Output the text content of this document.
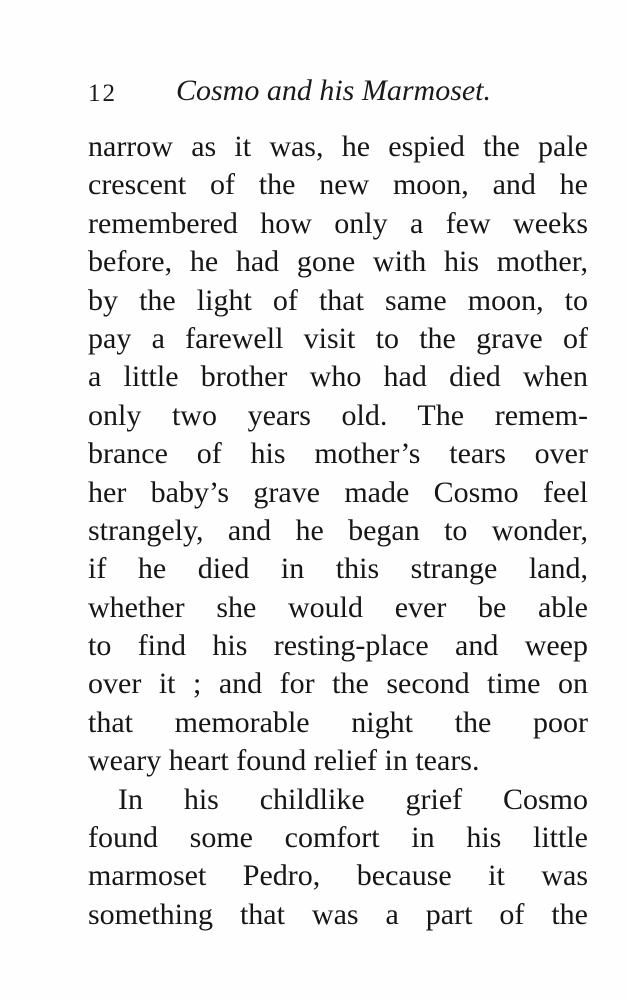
12 Cosmo and his Marmoset.
narrow as it was, he espied the pale
crescent of the new moon, and he
remembered how only a few weeks
before, he had gone with his mother,
by the light of that same moon, to
pay a farewell visit to the grave of
a little brother who had died when
only two years old. The remem-
brance of his mother’s tears over
her baby’s grave made Cosmo feel
strangely, and he began to wonder,
if he died in this strange land,
whether she would ever be able
to find his resting-place and weep
over it ; and for the second time on
that memorable night the poor
weary heart found relief in tears.
In his childlike grief Cosmo
found some comfort in his little
marmoset Pedro, because it was
something that was a part of the
